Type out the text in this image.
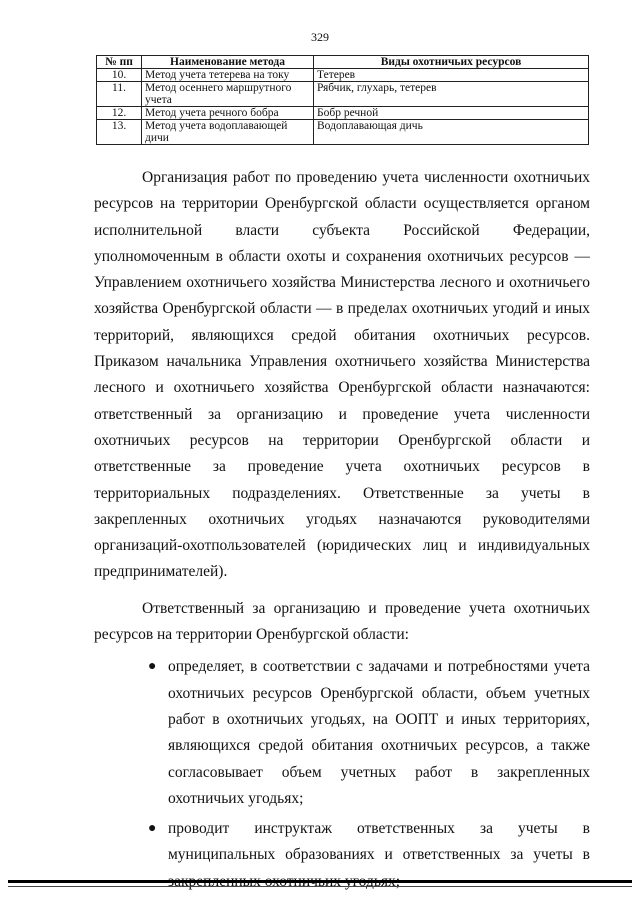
329
№ пп	Наименование метода	Виды охотничьих ресурсов
10.	Метод учета тетерева на току	Тетерев
11.	Метод осеннего маршрутного учета	Рябчик, глухарь, тетерев
12.	Метод учета речного бобра	Бобр речной
13.	Метод учета водоплавающей дичи	Водоплавающая дичь

Организация работ по проведению учета численности охотничьих ресурсов на территории Оренбургской области осуществляется органом исполнительной власти субъекта Российской Федерации, уполномоченным в области охоты и сохранения охотничьих ресурсов — Управлением охотничьего хозяйства Министерства лесного и охотничьего хозяйства Оренбургской области — в пределах охотничьих угодий и иных территорий, являющихся средой обитания охотничьих ресурсов. Приказом начальника Управления охотничьего хозяйства Министерства лесного и охотничьего хозяйства Оренбургской области назначаются: ответственный за организацию и проведение учета численности охотничьих ресурсов на территории Оренбургской области и ответственные за проведение учета охотничьих ресурсов в территориальных подразделениях. Ответственные за учеты в закрепленных охотничьих угодьях назначаются руководителями организаций-охотпользователей (юридических лиц и индивидуальных предпринимателей).

Ответственный за организацию и проведение учета охотничьих ресурсов на территории Оренбургской области:

● определяет, в соответствии с задачами и потребностями учета охотничьих ресурсов Оренбургской области, объем учетных работ в охотничьих угодьях, на ООПТ и иных территориях, являющихся средой обитания охотничьих ресурсов, а также согласовывает объем учетных работ в закрепленных охотничьих угодьях;
● проводит инструктаж ответственных за учеты в муниципальных образованиях и ответственных за учеты в
